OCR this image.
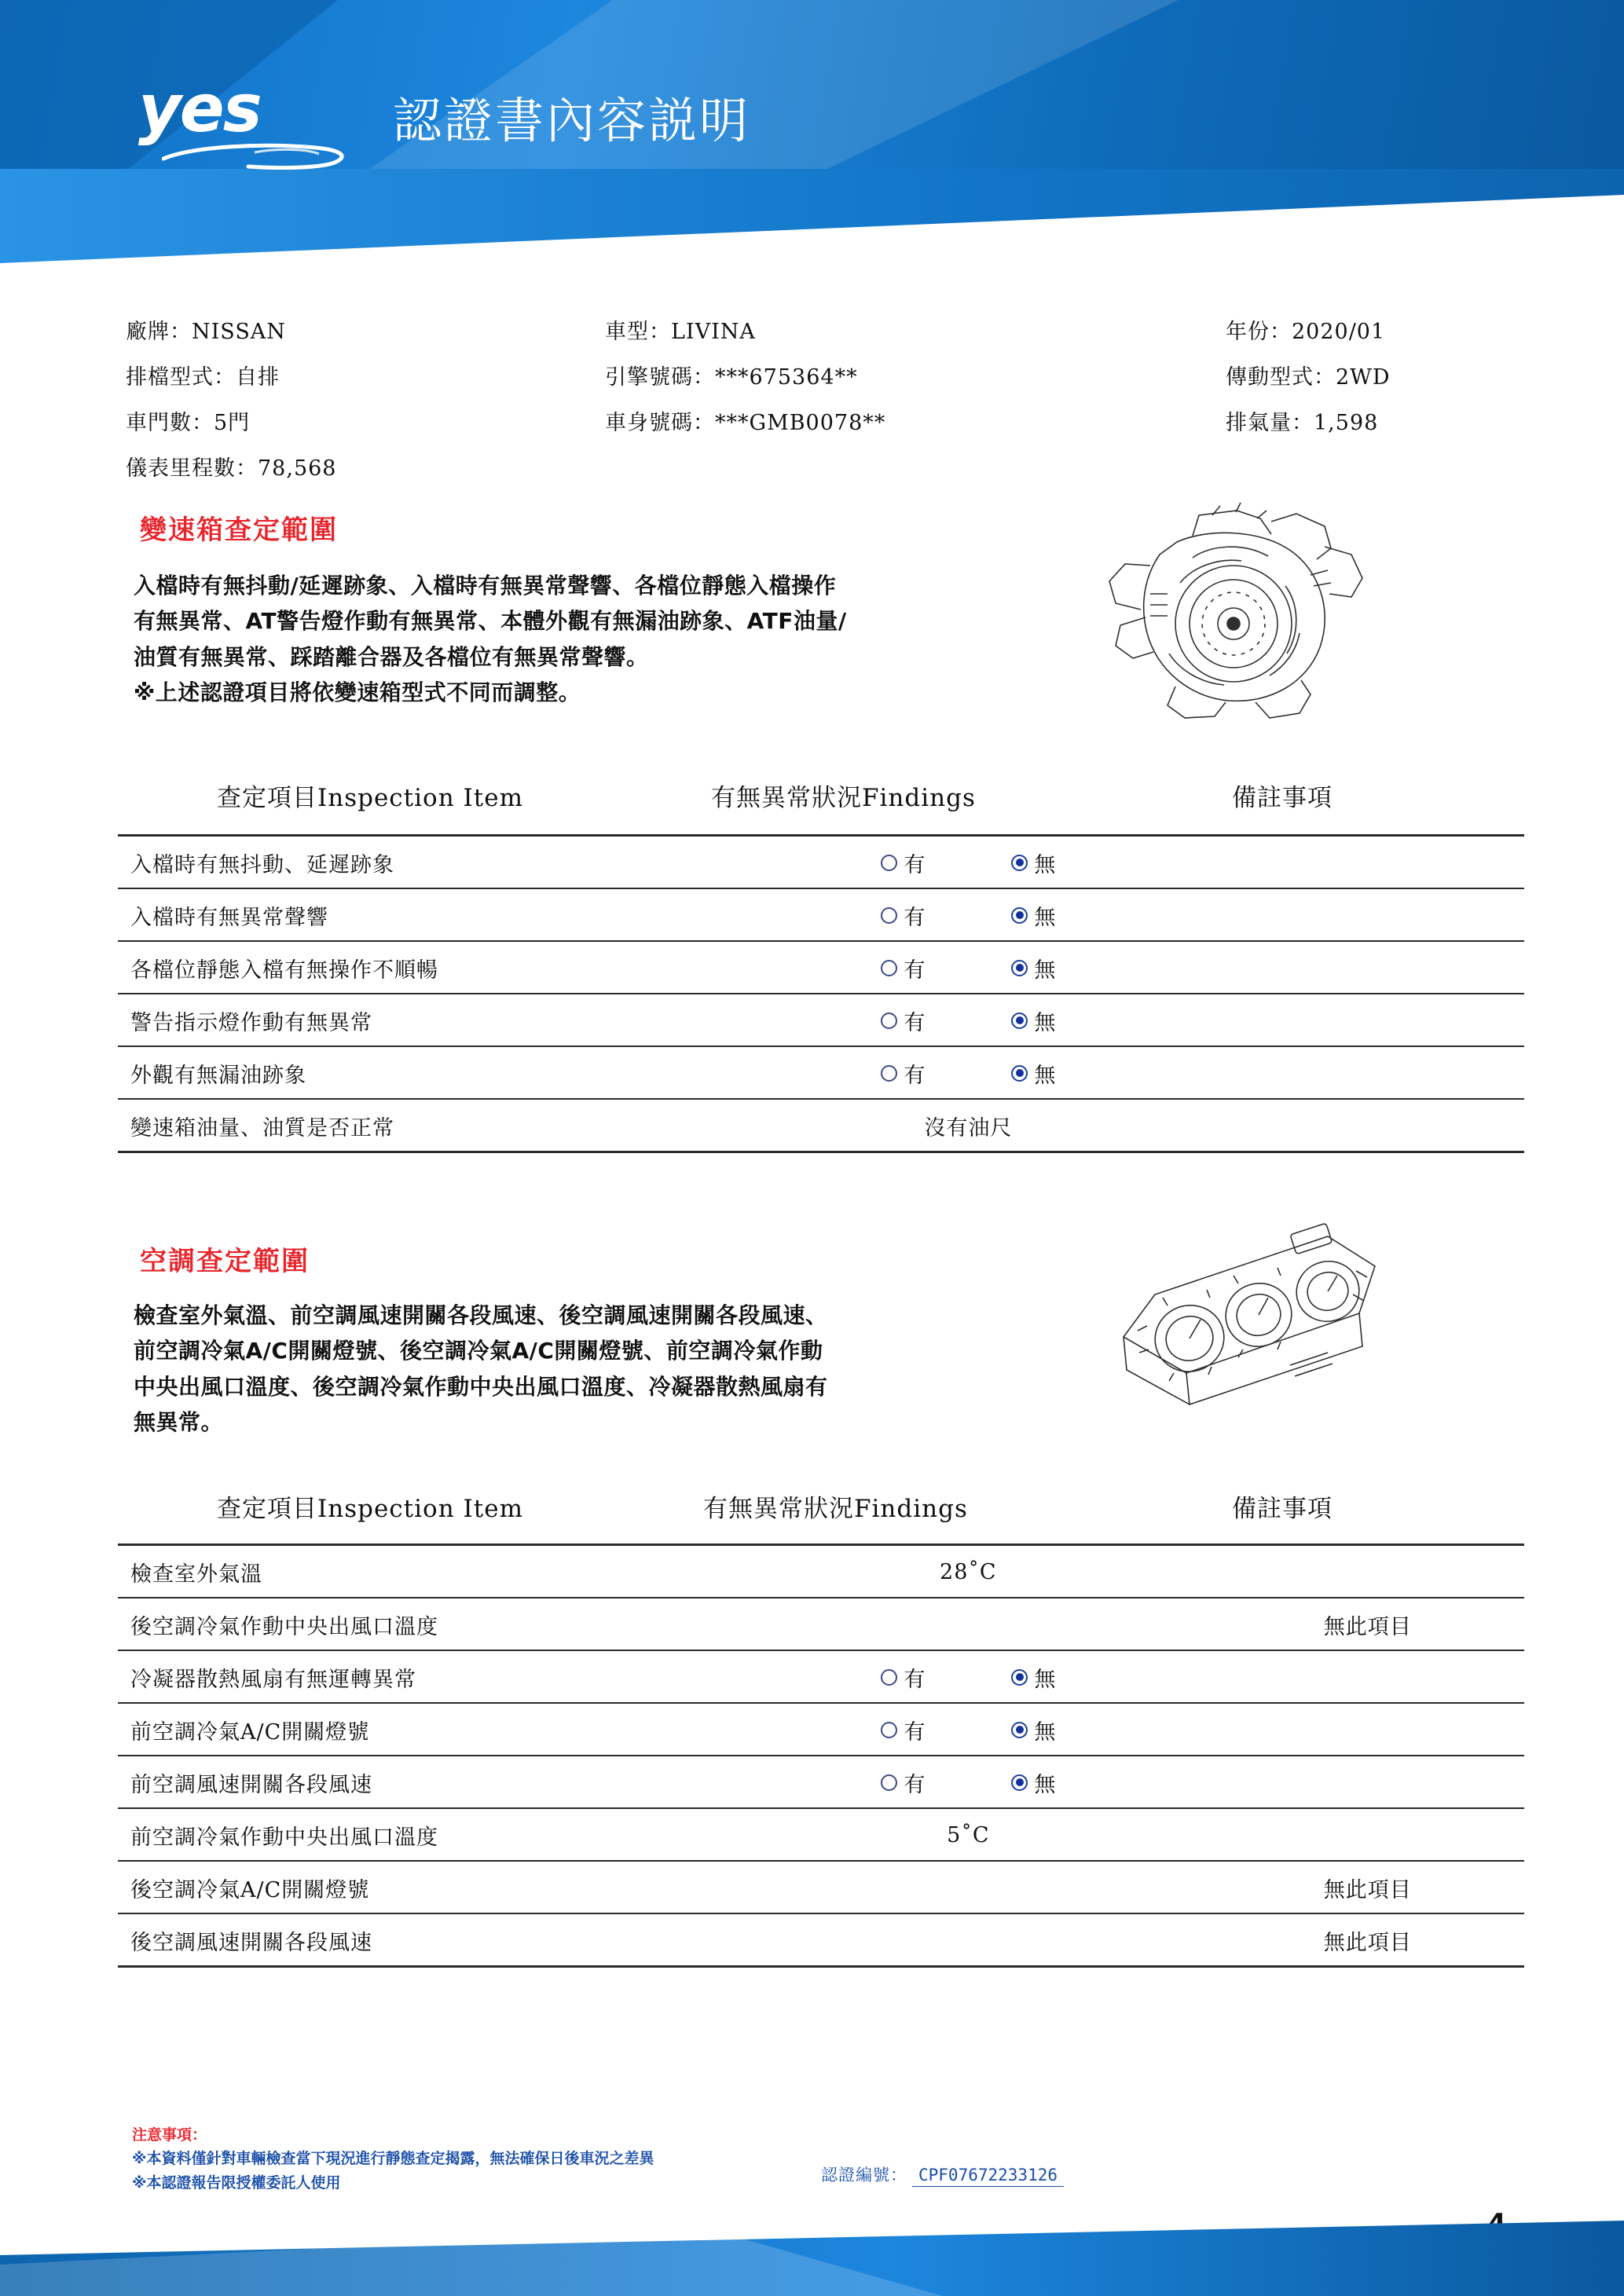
yes	認證書內容説明
廠牌：NISSAN	車型：LIVINA	年份：2020/01
排檔型式：自排	引擎號碼：***675364**	傳動型式：2WD
車門數：5門	車身號碼：***GMB0078**	排氣量：1,598
儀表里程數：78,568
變速箱查定範圍
入檔時有無抖動/延遲跡象、入檔時有無異常聲響、各檔位靜態入檔操作
有無異常、AT警告燈作動有無異常、本體外觀有無漏油跡象、ATF油量/
油質有無異常、踩踏離合器及各檔位有無異常聲響。
※上述認證項目將依變速箱型式不同而調整。
查定項目Inspection Item	有無異常狀況Findings	備註事項
入檔時有無抖動、延遲跡象	有 無	

入檔時有無異常聲響	有 無	

各檔位靜態入檔有無操作不順暢	有 無	

警告指示燈作動有無異常	有 無	

外觀有無漏油跡象	有 無	

變速箱油量、油質是否正常	沒有油尺	
空調查定範圍
檢查室外氣溫、前空調風速開關各段風速、後空調風速開關各段風速、
前空調冷氣A/C開關燈號、後空調冷氣A/C開關燈號、前空調冷氣作動
中央出風口溫度、後空調冷氣作動中央出風口溫度、冷凝器散熱風扇有
無異常。
查定項目Inspection Item	有無異常狀況Findings	備註事項
檢查室外氣溫	28˚C	
後空調冷氣作動中央出風口溫度		無此項目
冷凝器散熱風扇有無運轉異常	有 無	

前空調冷氣A/C開關燈號	有 無	

前空調風速開關各段風速	有 無	

前空調冷氣作動中央出風口溫度	5˚C	
後空調冷氣A/C開關燈號		無此項目
後空調風速開關各段風速		無此項目
注意事項：
※本資料僅針對車輛檢查當下現況進行靜態查定揭露，無法確保日後車況之差異
※本認證報告限授權委託人使用	認證編號： CPF07672233126
